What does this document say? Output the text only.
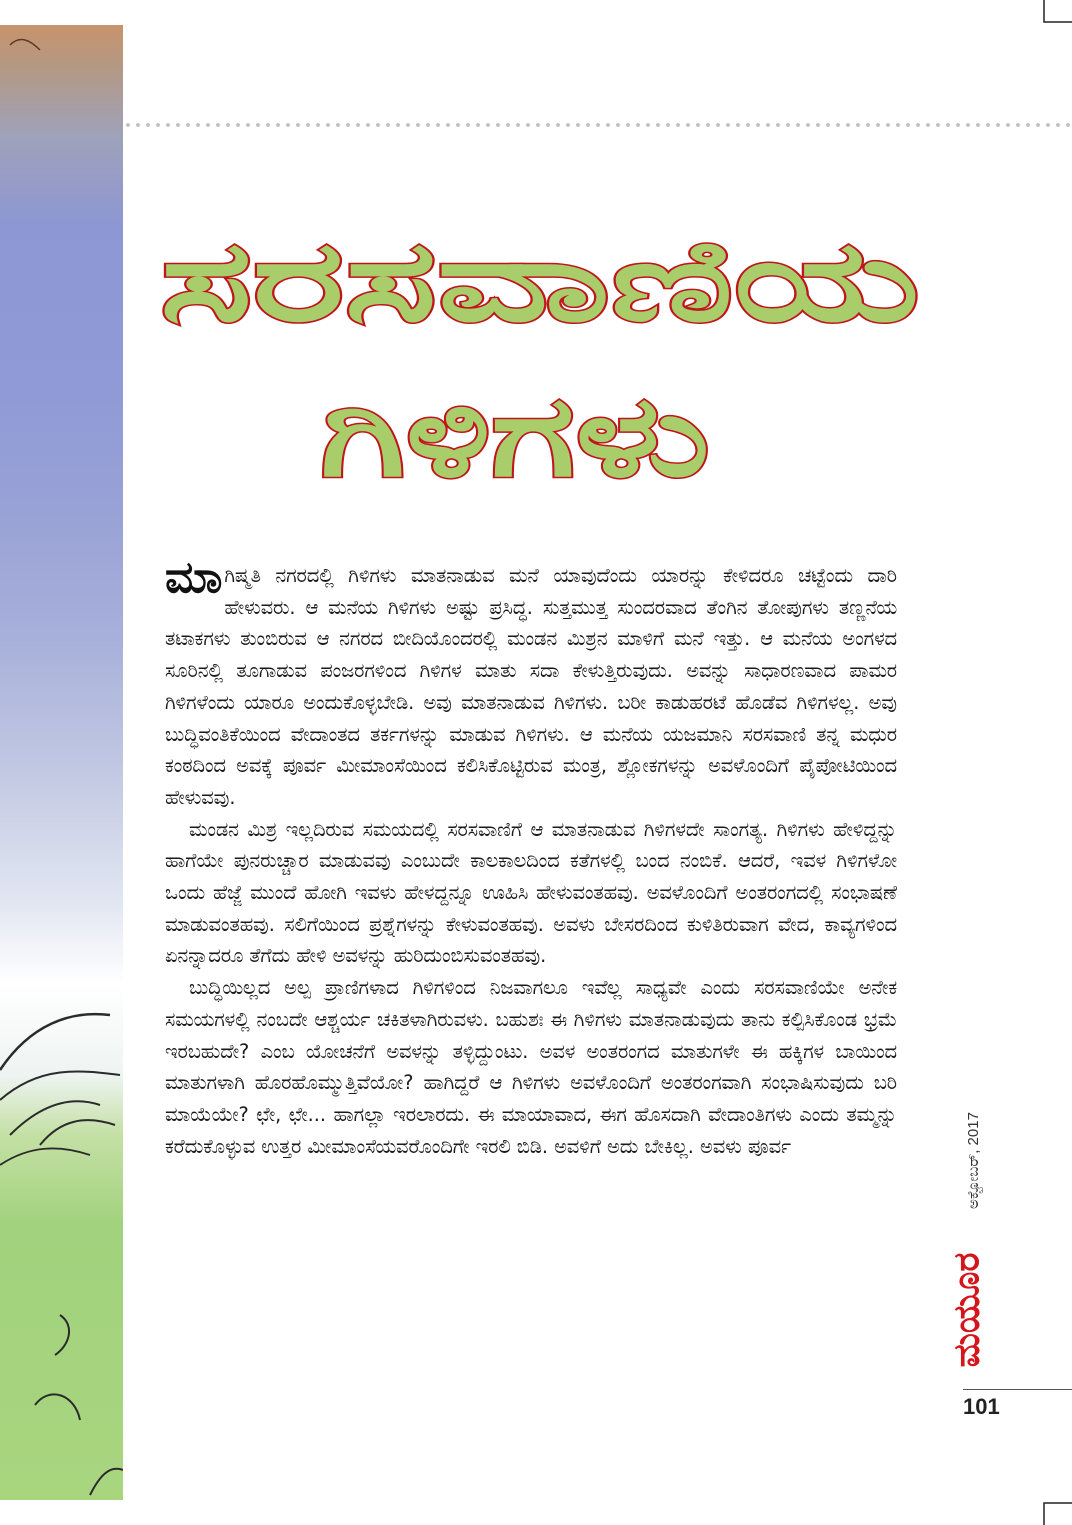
ಸರಸವಾಣಿಯ
ಗಿಳಿಗಳು

ಮಾಗಿಷ್ಮತಿ ನಗರದಲ್ಲಿ ಗಿಳಿಗಳು ಮಾತನಾಡುವ ಮನೆ ಯಾವುದೆಂದು ಯಾರನ್ನು ಕೇಳಿದರೂ ಚಟ್ಟೆಂದು ದಾರಿ ಹೇಳುವರು. ಆ ಮನೆಯ ಗಿಳಿಗಳು ಅಷ್ಟು ಪ್ರಸಿದ್ಧ. ಸುತ್ತಮುತ್ತ ಸುಂದರವಾದ ತೆಂಗಿನ ತೋಪುಗಳು ತಣ್ಣನೆಯ ತಟಾಕಗಳು ತುಂಬಿರುವ ಆ ನಗರದ ಬೀದಿಯೊಂದರಲ್ಲಿ ಮಂಡನ ಮಿಶ್ರನ ಮಾಳಿಗೆ ಮನೆ ಇತ್ತು. ಆ ಮನೆಯ ಅಂಗಳದ ಸೂರಿನಲ್ಲಿ ತೂಗಾಡುವ ಪಂಜರಗಳಿಂದ ಗಿಳಿಗಳ ಮಾತು ಸದಾ ಕೇಳುತ್ತಿರುವುದು. ಅವನ್ನು ಸಾಧಾರಣವಾದ ಪಾಮರ ಗಿಳಿಗಳೆಂದು ಯಾರೂ ಅಂದುಕೊಳ್ಳಬೇಡಿ. ಅವು ಮಾತನಾಡುವ ಗಿಳಿಗಳು. ಬರೀ ಕಾಡುಹರಟೆ ಹೊಡೆವ ಗಿಳಿಗಳಲ್ಲ. ಅವು ಬುದ್ಧಿವಂತಿಕೆಯಿಂದ ವೇದಾಂತದ ತರ್ಕಗಳನ್ನು ಮಾಡುವ ಗಿಳಿಗಳು. ಆ ಮನೆಯ ಯಜಮಾನಿ ಸರಸವಾಣಿ ತನ್ನ ಮಧುರ ಕಂಠದಿಂದ ಅವಕ್ಕೆ ಪೂರ್ವ ಮೀಮಾಂಸೆಯಿಂದ ಕಲಿಸಿಕೊಟ್ಟಿರುವ ಮಂತ್ರ, ಶ್ಲೋಕಗಳನ್ನು ಅವಳೊಂದಿಗೆ ಪೈಪೋಟಿಯಿಂದ ಹೇಳುವವು.

ಮಂಡನ ಮಿಶ್ರ ಇಲ್ಲದಿರುವ ಸಮಯದಲ್ಲಿ ಸರಸವಾಣಿಗೆ ಆ ಮಾತನಾಡುವ ಗಿಳಿಗಳದೇ ಸಾಂಗತ್ಯ. ಗಿಳಿಗಳು ಹೇಳಿದ್ದನ್ನು ಹಾಗೆಯೇ ಪುನರುಚ್ಚಾರ ಮಾಡುವವು ಎಂಬುದೇ ಕಾಲಕಾಲದಿಂದ ಕತೆಗಳಲ್ಲಿ ಬಂದ ನಂಬಿಕೆ. ಆದರೆ, ಇವಳ ಗಿಳಿಗಳೋ ಒಂದು ಹೆಜ್ಜೆ ಮುಂದೆ ಹೋಗಿ ಇವಳು ಹೇಳದ್ದನ್ನೂ ಊಹಿಸಿ ಹೇಳುವಂತಹವು. ಅವಳೊಂದಿಗೆ ಅಂತರಂಗದಲ್ಲಿ ಸಂಭಾಷಣೆ ಮಾಡುವಂತಹವು. ಸಲಿಗೆಯಿಂದ ಪ್ರಶ್ನೆಗಳನ್ನು ಕೇಳುವಂತಹವು. ಅವಳು ಬೇಸರದಿಂದ ಕುಳಿತಿರುವಾಗ ವೇದ, ಕಾವ್ಯಗಳಿಂದ ಏನನ್ನಾದರೂ ತೆಗೆದು ಹೇಳಿ ಅವಳನ್ನು ಹುರಿದುಂಬಿಸುವಂತಹವು.

ಬುದ್ಧಿಯಿಲ್ಲದ ಅಲ್ಪ ಪ್ರಾಣಿಗಳಾದ ಗಿಳಿಗಳಿಂದ ನಿಜವಾಗಲೂ ಇವೆಲ್ಲ ಸಾಧ್ಯವೇ ಎಂದು ಸರಸವಾಣಿಯೇ ಅನೇಕ ಸಮಯಗಳಲ್ಲಿ ನಂಬದೇ ಆಶ್ಚರ್ಯ ಚಕಿತಳಾಗಿರುವಳು. ಬಹುಶಃ ಈ ಗಿಳಿಗಳು ಮಾತನಾಡುವುದು ತಾನು ಕಲ್ಪಿಸಿಕೊಂಡ ಭ್ರಮೆ ಇರಬಹುದೇ? ಎಂಬ ಯೋಚನೆಗೆ ಅವಳನ್ನು ತಳ್ಳಿದ್ದುಂಟು. ಅವಳ ಅಂತರಂಗದ ಮಾತುಗಳೇ ಈ ಹಕ್ಕಿಗಳ ಬಾಯಿಂದ ಮಾತುಗಳಾಗಿ ಹೊರಹೊಮ್ಮುತ್ತಿವೆಯೋ? ಹಾಗಿದ್ದರೆ ಆ ಗಿಳಿಗಳು ಅವಳೊಂದಿಗೆ ಅಂತರಂಗವಾಗಿ ಸಂಭಾಷಿಸುವುದು ಬರಿ ಮಾಯೆಯೇ? ಛೇ, ಛೇ... ಹಾಗಲ್ಲಾ ಇರಲಾರದು. ಈ ಮಾಯಾವಾದ, ಈಗ ಹೊಸದಾಗಿ ವೇದಾಂತಿಗಳು ಎಂದು ತಮ್ಮನ್ನು ಕರೆದುಕೊಳ್ಳುವ ಉತ್ತರ ಮೀಮಾಂಸೆಯವರೊಂದಿಗೇ ಇರಲಿ ಬಿಡಿ. ಅವಳಿಗೆ ಅದು ಬೇಕಿಲ್ಲ. ಅವಳು ಪೂರ್ವ	ಅಕ್ಟೋಬರ್, 2017
ಮಯೂರ
101
